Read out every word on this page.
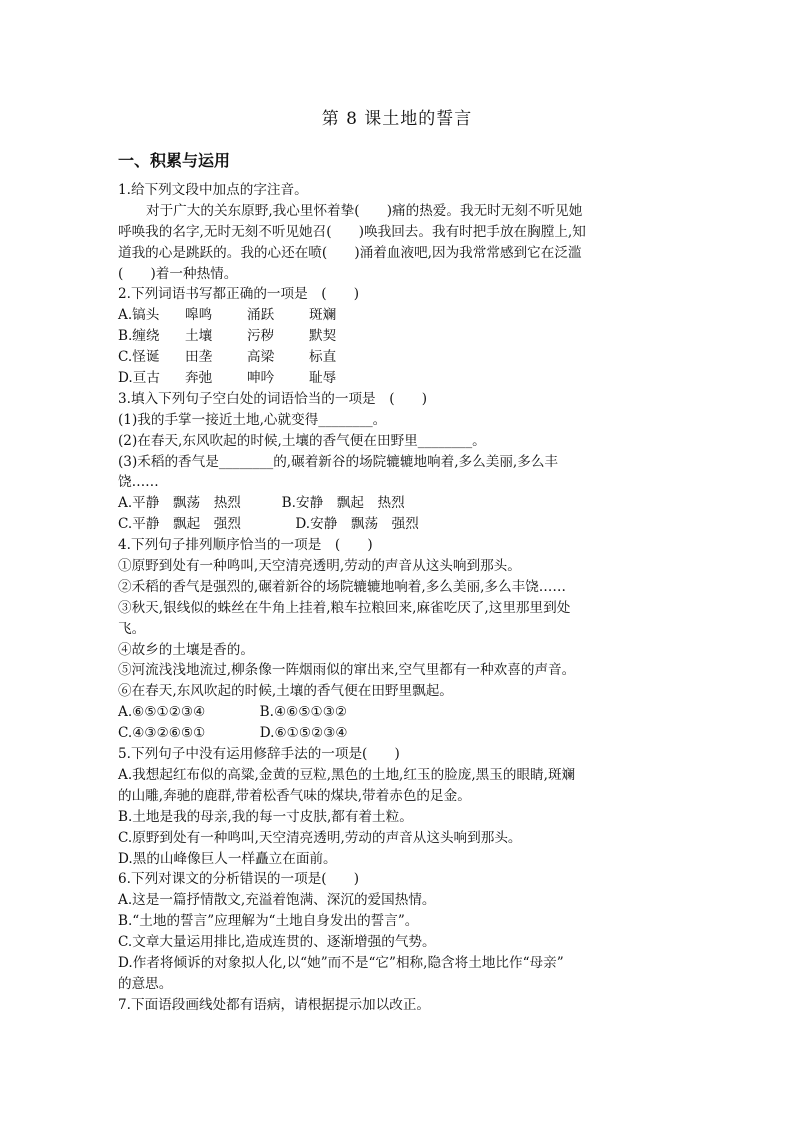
第 8 课土地的誓言
一、积累与运用
1.给下列文段中加点的字注音。
对于广大的关东原野,我心里怀着挚(　　)痛的热爱。我无时无刻不听见她
呼唤我的名字,无时无刻不听见她召(　　)唤我回去。我有时把手放在胸膛上,知
道我的心是跳跃的。我的心还在喷(　　)涌着血液吧,因为我常常感到它在泛滥
(　　)着一种热情。
2.下列词语书写都正确的一项是　(　　)
A.镐头 嗥鸣	涌跃	斑斓
B.缠绕 土壤	污秽	默契
C.怪诞 田垄	高梁	标直
D.亘古 奔弛	呻吟	耻辱
3.填入下列句子空白处的词语恰当的一项是　(　　)
(1)我的手掌一接近土地,心就变得________。
(2)在春天,东风吹起的时候,土壤的香气便在田野里________。
(3)禾稻的香气是________的,碾着新谷的场院辘辘地响着,多么美丽,多么丰
饶……
A.平静　飘荡　热烈　　　B.安静　飘起　热烈
C.平静　飘起　强烈　　　　D.安静　飘荡　强烈
4.下列句子排列顺序恰当的一项是　(　　)
①原野到处有一种鸣叫,天空清亮透明,劳动的声音从这头响到那头。
②禾稻的香气是强烈的,碾着新谷的场院辘辘地响着,多么美丽,多么丰饶……
③秋天,银线似的蛛丝在牛角上挂着,粮车拉粮回来,麻雀吃厌了,这里那里到处
飞。
④故乡的土壤是香的。
⑤河流浅浅地流过,柳条像一阵烟雨似的窜出来,空气里都有一种欢喜的声音。
⑥在春天,东风吹起的时候,土壤的香气便在田野里飘起。
A.⑥⑤①②③④　　　　B.④⑥⑤①③②
C.④③②⑥⑤①　　　　D.⑥①⑤②③④
5.下列句子中没有运用修辞手法的一项是(　　)
A.我想起红布似的高粱,金黄的豆粒,黑色的土地,红玉的脸庞,黑玉的眼睛,斑斓
的山雕,奔驰的鹿群,带着松香气味的煤块,带着赤色的足金。
B.土地是我的母亲,我的每一寸皮肤,都有着土粒。
C.原野到处有一种鸣叫,天空清亮透明,劳动的声音从这头响到那头。
D.黑的山峰像巨人一样矗立在面前。
6.下列对课文的分析错误的一项是(　　)
A.这是一篇抒情散文,充溢着饱满、深沉的爱国热情。
B.“土地的誓言”应理解为“土地自身发出的誓言”。
C.文章大量运用排比,造成连贯的、逐渐增强的气势。
D.作者将倾诉的对象拟人化,以“她”而不是“它”相称,隐含将土地比作“母亲”
的意思。
7.下面语段画线处都有语病，请根据提示加以改正。
